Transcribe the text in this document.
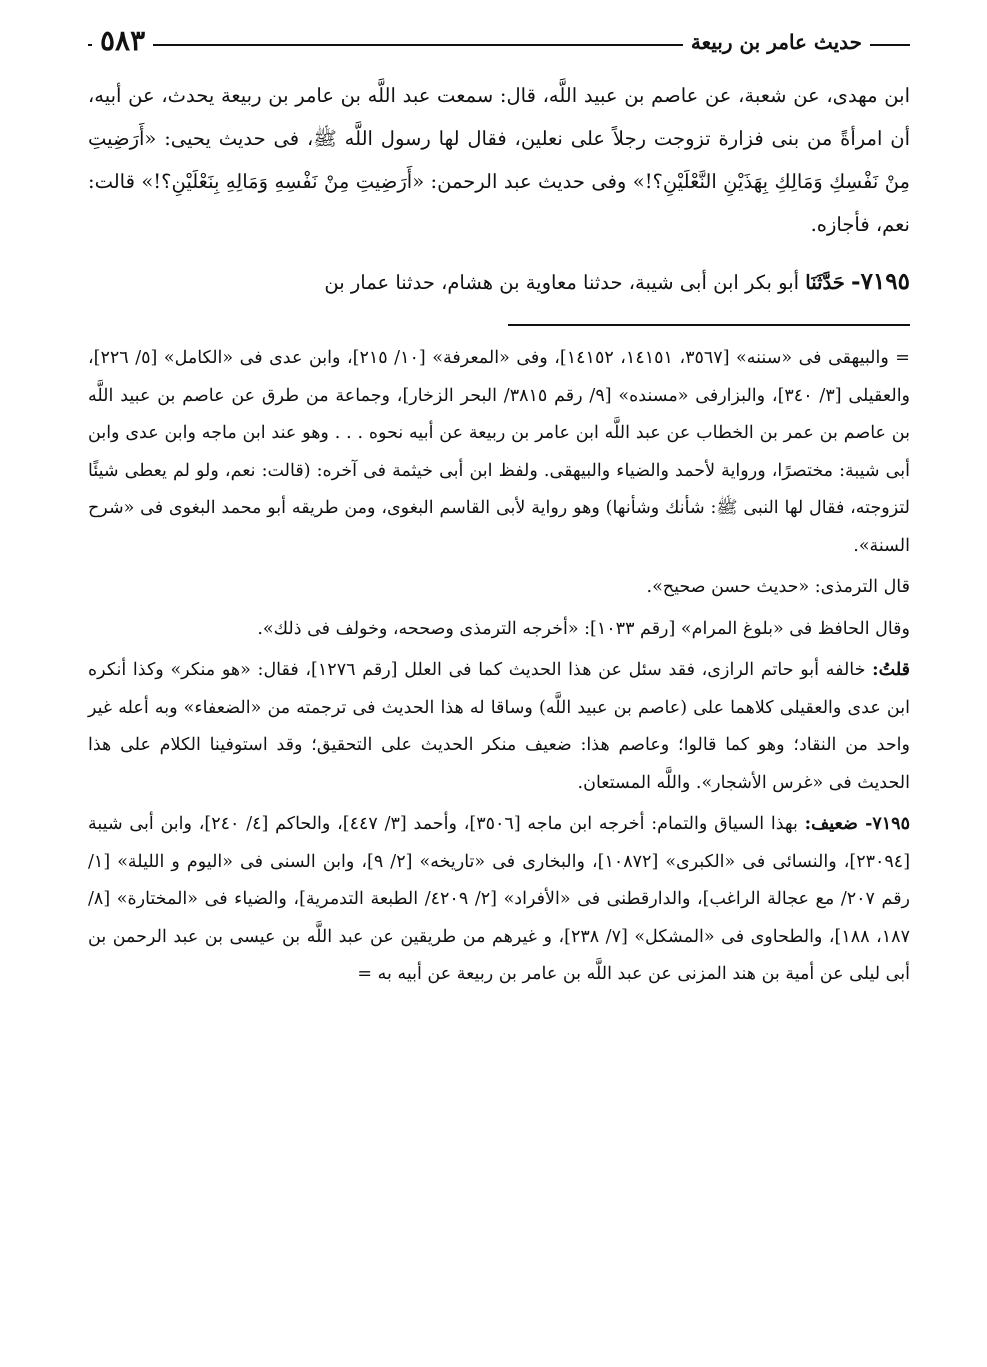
حديث عامر بن ربيعة
٥٨٣

ابن مهدى، عن شعبة، عن عاصم بن عبيد اللَّه، قال: سمعت عبد اللَّه بن عامر بن ربيعة يحدث، عن أبيه، أن امرأةً من بنى فزارة تزوجت رجلاً على نعلين، فقال لها رسول اللَّه ﷺ، فى حديث يحيى: «أَرَضِيتِ مِنْ نَفْسِكِ وَمَالِكِ بِهَذَيْنِ النَّعْلَيْنِ؟!» وفى حديث عبد الرحمن: «أَرَضِيتِ مِنْ نَفْسِهِ وَمَالِهِ بِنَعْلَيْنِ؟!» قالت: نعم، فأجازه.

٧١٩٥- حَدَّثَنَا أبو بكر ابن أبى شيبة، حدثنا معاوية بن هشام، حدثنا عمار بن

= والبيهقى فى «سننه» [٣٥٦٧، ١٤١٥١، ١٤١٥٢]، وفى «المعرفة» [١٠/ ٢١٥]، وابن عدى فى «الكامل» [٥/ ٢٢٦]، والعقيلى [٣/ ٣٤٠]، والبزارفى «مسنده» [٩/ رقم ٣٨١٥/ البحر الزخار]، وجماعة من طرق عن عاصم بن عبيد اللَّه بن عاصم بن عمر بن الخطاب عن عبد اللَّه ابن عامر بن ربيعة عن أبيه نحوه . . . وهو عند ابن ماجه وابن عدى وابن أبى شيبة: مختصرًا، ورواية لأحمد والضياء والبيهقى. ولفظ ابن أبى خيثمة فى آخره: (قالت: نعم، ولو لم يعطى شيئًا لتزوجته، فقال لها النبى ﷺ: شأنك وشأنها) وهو رواية لأبى القاسم البغوى، ومن طريقه أبو محمد البغوى فى «شرح السنة».

قال الترمذى: «حديث حسن صحيح».

وقال الحافظ فى «بلوغ المرام» [رقم ١٠٣٣]: «أخرجه الترمذى وصححه، وخولف فى ذلك».

قلتُ: خالفه أبو حاتم الرازى، فقد سئل عن هذا الحديث كما فى العلل [رقم ١٢٧٦]، فقال: «هو منكر» وكذا أنكره ابن عدى والعقيلى كلاهما على (عاصم بن عبيد اللَّه) وساقا له هذا الحديث فى ترجمته من «الضعفاء» وبه أعله غير واحد من النقاد؛ وهو كما قالوا؛ وعاصم هذا: ضعيف منكر الحديث على التحقيق؛ وقد استوفينا الكلام على هذا الحديث فى «غرس الأشجار». واللَّه المستعان.

٧١٩٥- ضعيف: بهذا السياق والتمام: أخرجه ابن ماجه [٣٥٠٦]، وأحمد [٣/ ٤٤٧]، والحاكم [٤/ ٢٤٠]، وابن أبى شيبة [٢٣٠٩٤]، والنسائى فى «الكبرى» [١٠٨٧٢]، والبخارى فى «تاريخه» [٢/ ٩]، وابن السنى فى «اليوم و الليلة» [١/ رقم ٢٠٧/ مع عجالة الراغب]، والدارقطنى فى «الأفراد» [٢/ ٤٢٠٩/ الطبعة التدمرية]، والضياء فى «المختارة» [٨/ ١٨٧، ١٨٨]، والطحاوى فى «المشكل» [٧/ ٢٣٨]، و غيرهم من طريقين عن عبد اللَّه بن عيسى بن عبد الرحمن بن أبى ليلى عن أمية بن هند المزنى عن عبد اللَّه بن عامر بن ربيعة عن أبيه به =
